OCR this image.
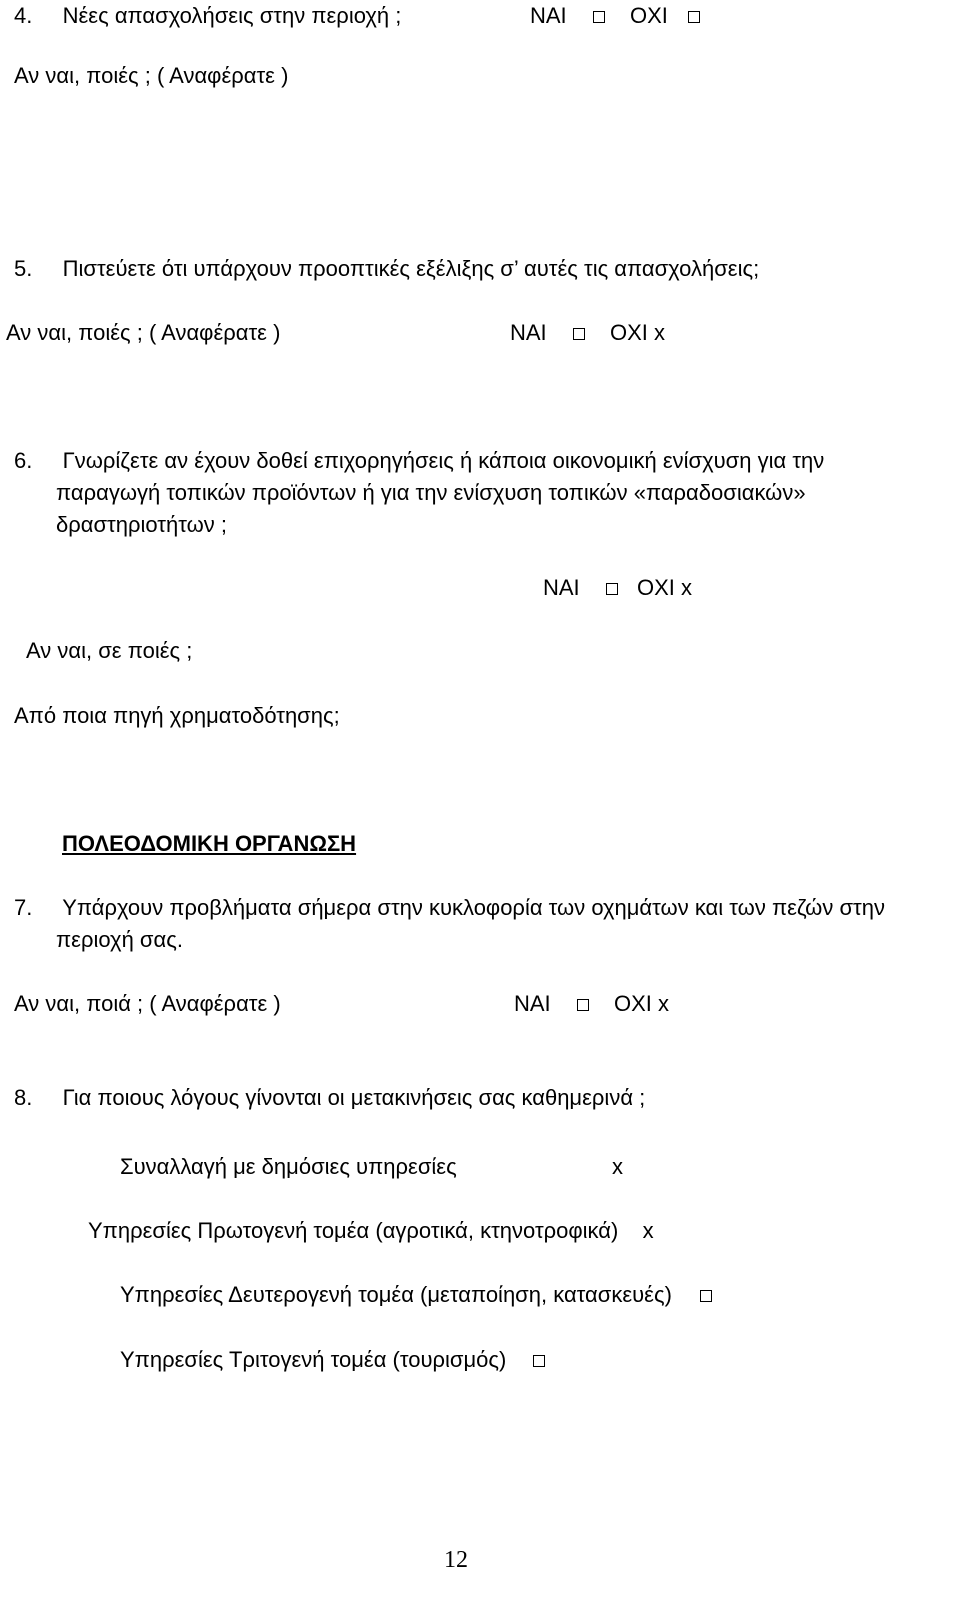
4. Νέες απασχολήσεις στην περιοχή ;	ΝΑΙ	ΟΧΙ
Αν ναι, ποιές ; ( Αναφέρατε )
5. Πιστεύετε ότι υπάρχουν προοπτικές εξέλιξης σ’ αυτές τις απασχολήσεις;
Αν ναι, ποιές ; ( Αναφέρατε )	ΝΑΙ	ΟΧΙ x
6. Γνωρίζετε αν έχουν δοθεί επιχορηγήσεις ή κάποια οικονομική ενίσχυση για την
παραγωγή τοπικών προϊόντων ή για την ενίσχυση τοπικών «παραδοσιακών»
δραστηριοτήτων ;
ΝΑΙ	ΟΧΙ x
Αν ναι, σε ποιές ;
Από ποια πηγή χρηματοδότησης;
ΠΟΛΕΟΔΟΜΙΚΗ ΟΡΓΑΝΩΣΗ
7. Υπάρχουν προβλήματα σήμερα στην κυκλοφορία των οχημάτων και των πεζών στην
περιοχή σας.
Αν ναι, ποιά ; ( Αναφέρατε )	ΝΑΙ	ΟΧΙ x
8. Για ποιους λόγους γίνονται οι μετακινήσεις σας καθημερινά ;
Συναλλαγή με δημόσιες υπηρεσίες	x
Υπηρεσίες Πρωτογενή τομέα (αγροτικά, κτηνοτροφικά) x
Υπηρεσίες Δευτερογενή τομέα (μεταποίηση, κατασκευές)
Υπηρεσίες Τριτογενή τομέα (τουρισμός)
12
